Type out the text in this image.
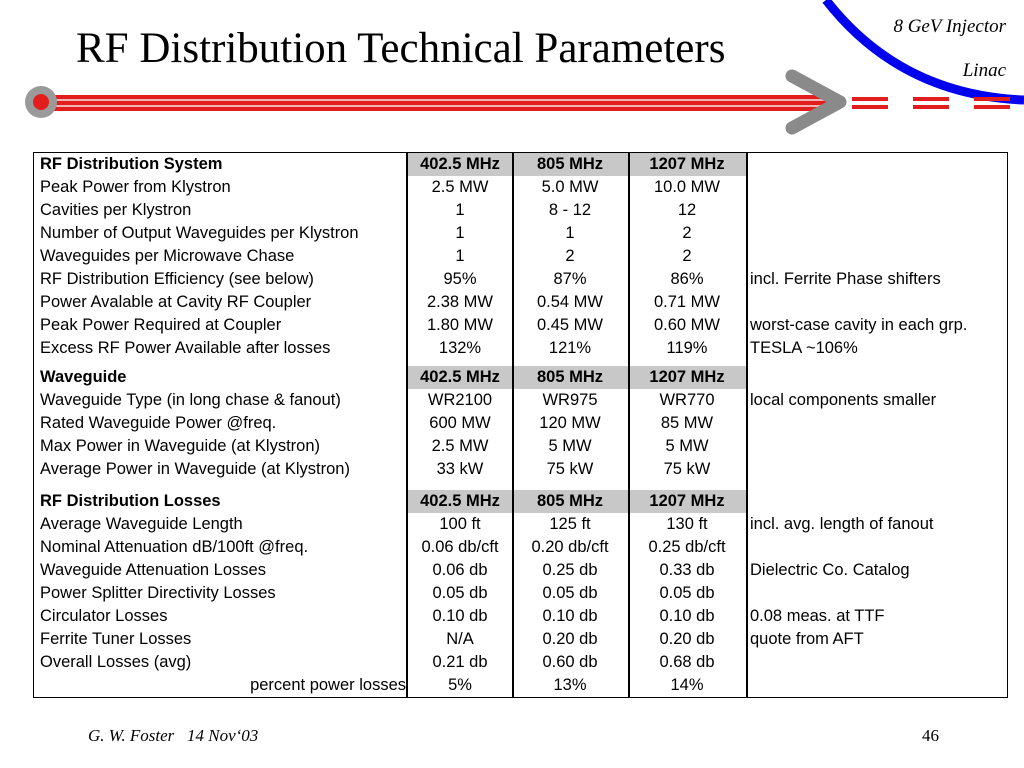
RF Distribution Technical Parameters	8 GeV Injector
Linac
RF Distribution System	402.5 MHz	805 MHz	1207 MHz
Peak Power from Klystron	2.5 MW	5.0 MW	10.0 MW
Cavities per Klystron	1	8 - 12	12
Number of Output Waveguides per Klystron	1	1	2
Waveguides per Microwave Chase	1	2	2
RF Distribution Efficiency (see below)	95%	87%	86%	incl. Ferrite Phase shifters
Power Avalable at Cavity RF Coupler	2.38 MW	0.54 MW	0.71 MW
Peak Power Required at Coupler	1.80 MW	0.45 MW	0.60 MW	worst-case cavity in each grp.
Excess RF Power Available after losses	132%	121%	119%	TESLA ~106%
Waveguide	402.5 MHz	805 MHz	1207 MHz
Waveguide Type (in long chase & fanout)	WR2100	WR975	WR770	local components smaller
Rated Waveguide Power @freq.	600 MW	120 MW	85 MW
Max Power in Waveguide (at Klystron)	2.5 MW	5 MW	5 MW
Average Power in Waveguide (at Klystron)	33 kW	75 kW	75 kW
RF Distribution Losses	402.5 MHz	805 MHz	1207 MHz
Average Waveguide Length	100 ft	125 ft	130 ft	incl. avg. length of fanout
Nominal Attenuation dB/100ft @freq.	0.06 db/cft	0.20 db/cft	0.25 db/cft
Waveguide Attenuation Losses	0.06 db	0.25 db	0.33 db	Dielectric Co. Catalog
Power Splitter Directivity Losses	0.05 db	0.05 db	0.05 db
Circulator Losses	0.10 db	0.10 db	0.10 db	0.08 meas. at TTF
Ferrite Tuner Losses	N/A	0.20 db	0.20 db	quote from AFT
Overall Losses (avg)	0.21 db	0.60 db	0.68 db
percent power losses	5%	13%	14%
G. W. Foster   14 Nov‘03	46
